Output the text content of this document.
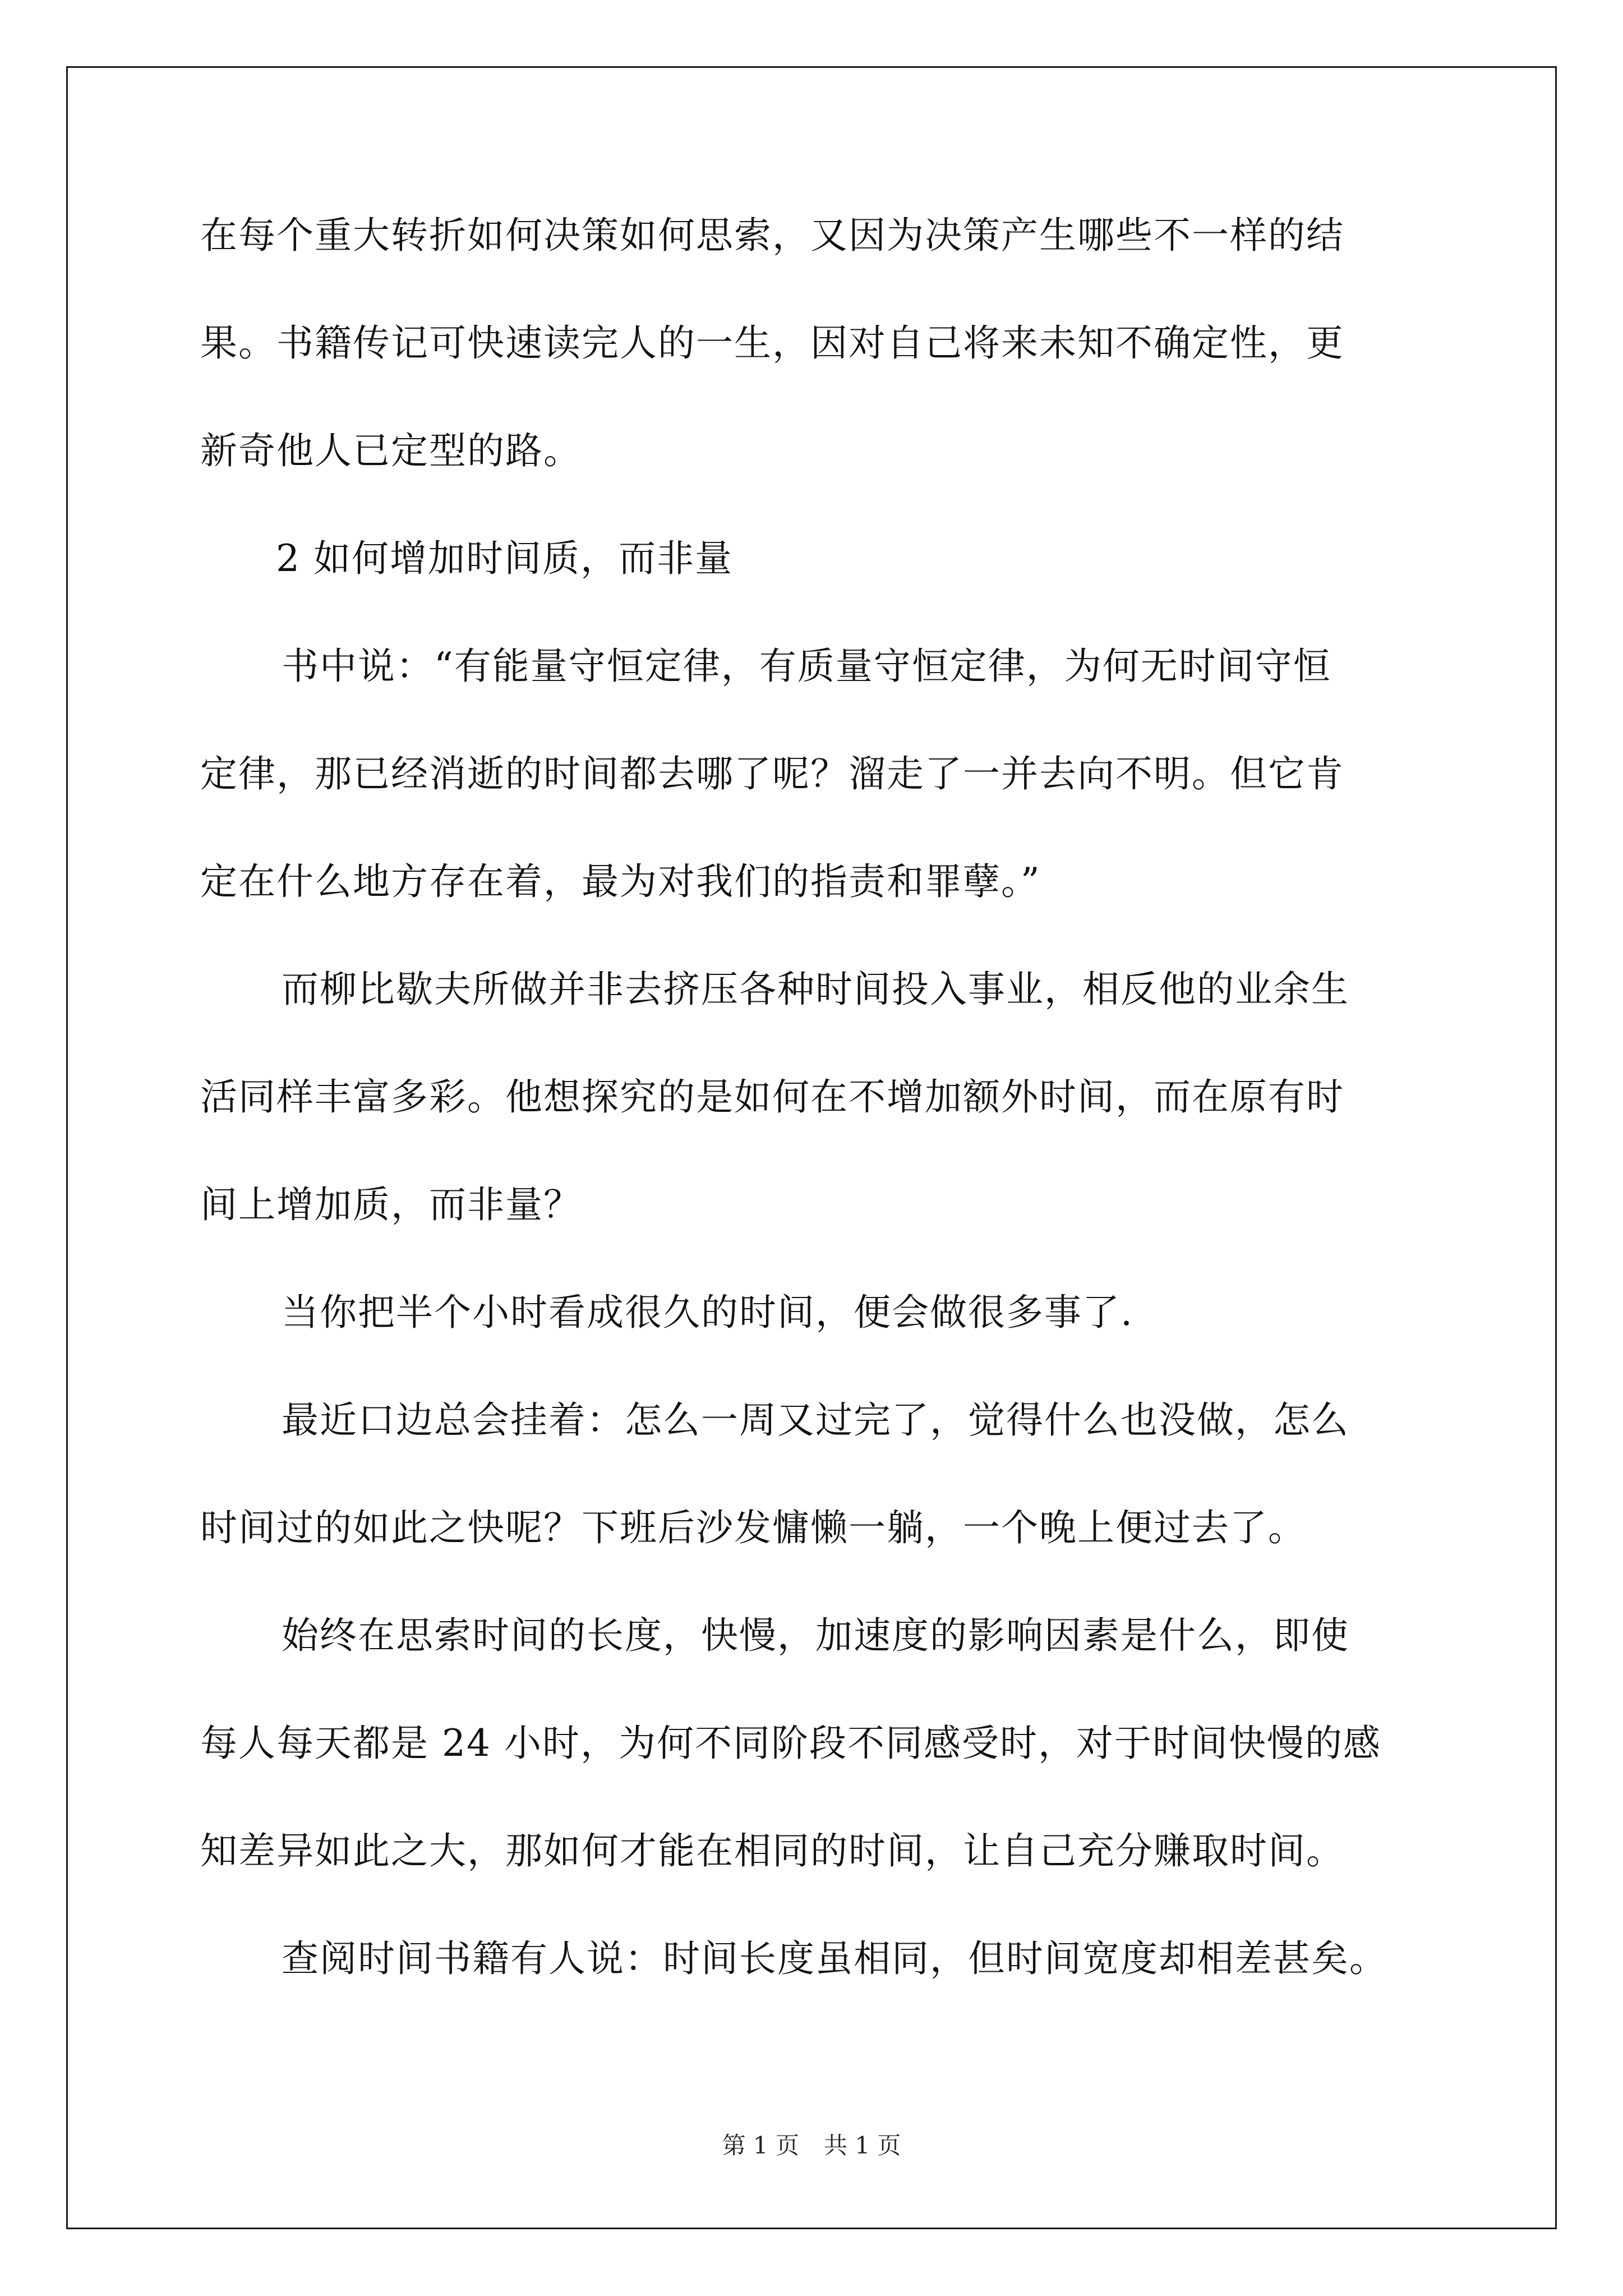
在每个重大转折如何决策如何思索，又因为决策产生哪些不一样的结
果。书籍传记可快速读完人的一生，因对自己将来未知不确定性，更
新奇他人已定型的路。
2 如何增加时间质，而非量
书中说：“有能量守恒定律，有质量守恒定律，为何无时间守恒
定律，那已经消逝的时间都去哪了呢？溜走了一并去向不明。但它肯
定在什么地方存在着，最为对我们的指责和罪孽。”
而柳比歇夫所做并非去挤压各种时间投入事业，相反他的业余生
活同样丰富多彩。他想探究的是如何在不增加额外时间，而在原有时
间上增加质，而非量？
当你把半个小时看成很久的时间，便会做很多事了.
最近口边总会挂着：怎么一周又过完了，觉得什么也没做，怎么
时间过的如此之快呢？下班后沙发慵懒一躺，一个晚上便过去了。
始终在思索时间的长度，快慢，加速度的影响因素是什么，即使
每人每天都是 24 小时，为何不同阶段不同感受时，对于时间快慢的感
知差异如此之大，那如何才能在相同的时间，让自己充分赚取时间。
查阅时间书籍有人说：时间长度虽相同，但时间宽度却相差甚矣。
第 1 页 共 1 页
